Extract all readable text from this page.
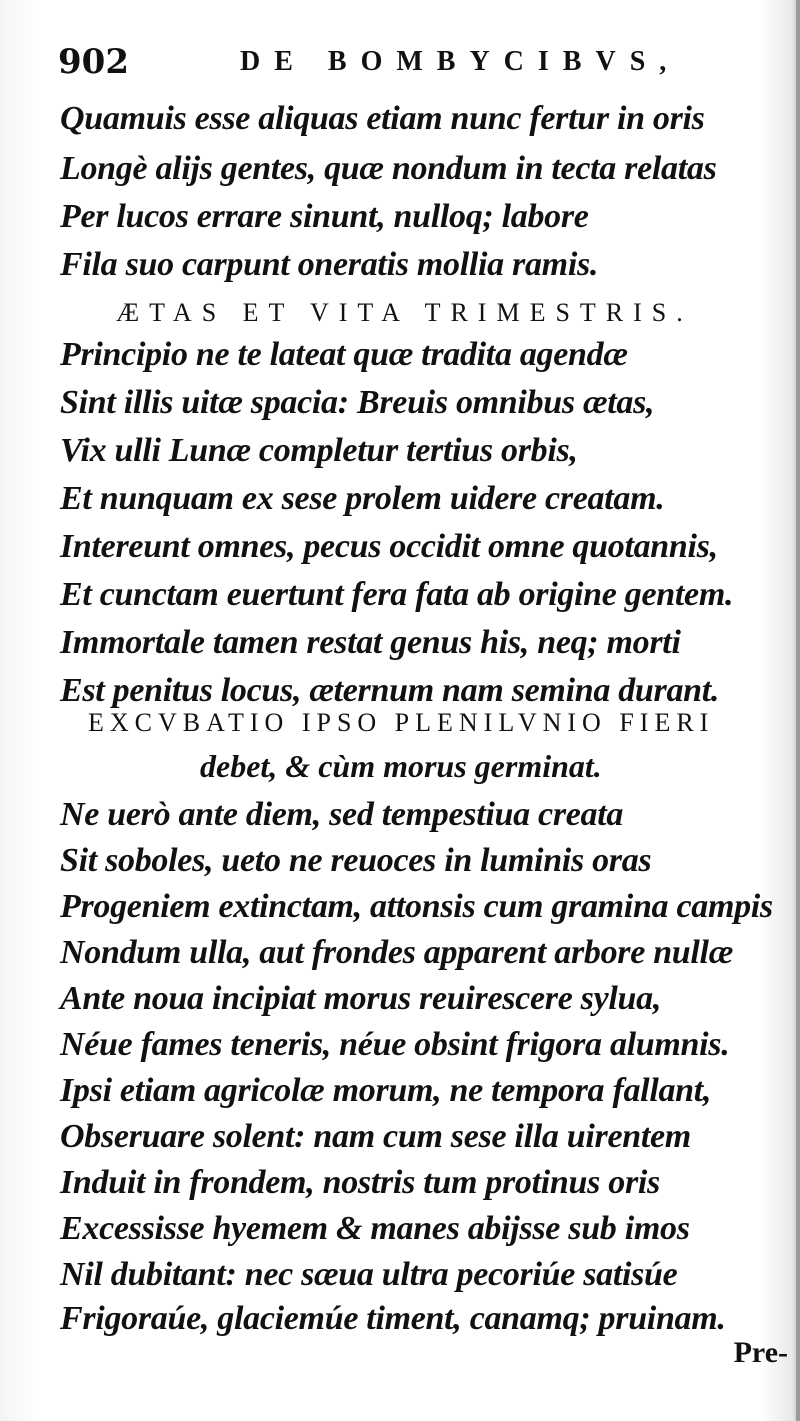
902	DE BOMBYCIBVS,
Quamuis esse aliquas etiam nunc fertur in oris
Longè alijs gentes, quæ nondum in tecta relatas
Per lucos errare sinunt, nulloq; labore
Fila suo carpunt oneratis mollia ramis.
ÆTAS ET VITA TRIMESTRIS.
Principio ne te lateat quæ tradita agendæ
Sint illis uitæ spacia: Breuis omnibus ætas,
Vix ulli Lunæ completur tertius orbis,
Et nunquam ex sese prolem uidere creatam.
Intereunt omnes, pecus occidit omne quotannis,
Et cunctam euertunt fera fata ab origine gentem.
Immortale tamen restat genus his, neq; morti
Est penitus locus, æternum nam semina durant.
EXCVBATIO IPSO PLENILVNIO FIERI
debet, & cùm morus germinat.
Ne uerò ante diem, sed tempestiua creata
Sit soboles, ueto ne reuoces in luminis oras
Progeniem extinctam, attonsis cum gramina campis
Nondum ulla, aut frondes apparent arbore nullæ
Ante noua incipiat morus reuirescere sylua,
Néue fames teneris, néue obsint frigora alumnis.
Ipsi etiam agricolæ morum, ne tempora fallant,
Obseruare solent: nam cum sese illa uirentem
Induit in frondem, nostris tum protinus oris
Excessisse hyemem & manes abijsse sub imos
Nil dubitant: nec sæua ultra pecoriúe satisúe
Frigoraúe, glaciemúe timent, canamq; pruinam.
Pre-
